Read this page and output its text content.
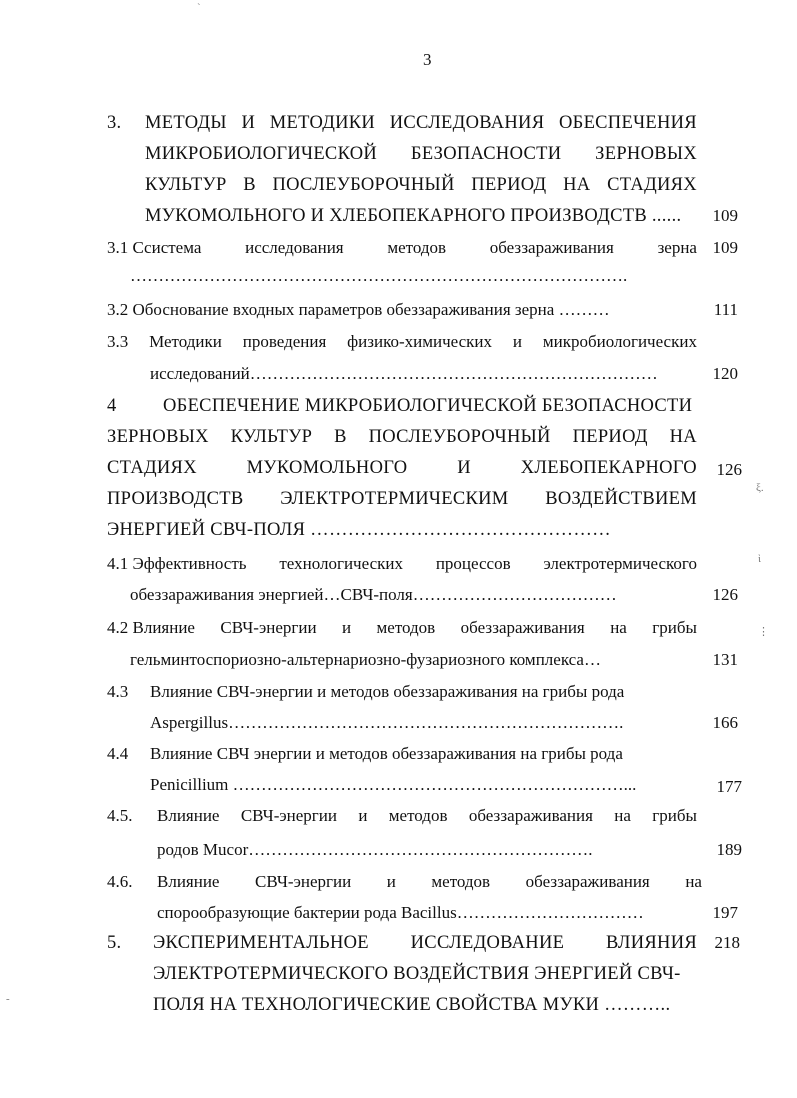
3
3. МЕТОДЫ И МЕТОДИКИ ИССЛЕДОВАНИЯ ОБЕСПЕЧЕНИЯ
МИКРОБИОЛОГИЧЕСКОЙ БЕЗОПАСНОСТИ ЗЕРНОВЫХ
КУЛЬТУР В ПОСЛЕУБОРОЧНЫЙ ПЕРИОД НА СТАДИЯХ
МУКОМОЛЬНОГО И ХЛЕБОПЕКАРНОГО ПРОИЗВОДСТВ ......	109
3.1 Ссистема	исследования	методов	обеззараживания	зерна 109
…………………………………………………………………………….
3.2 Обоснование входных параметров обеззараживания зерна ………	111
3.3 Методики проведения физико-химических и микробиологических
исследований………………………………………………………………	120
4	ОБЕСПЕЧЕНИЕ МИКРОБИОЛОГИЧЕСКОЙ БЕЗОПАСНОСТИ
ЗЕРНОВЫХ КУЛЬТУР В ПОСЛЕУБОРОЧНЫЙ ПЕРИОД НА
СТАДИЯХ	МУКОМОЛЬНОГО	И	ХЛЕБОПЕКАРНОГО	126
ПРОИЗВОДСТВ ЭЛЕКТРОТЕРМИЧЕСКИМ ВОЗДЕЙСТВИЕМ
ЭНЕРГИЕЙ СВЧ-ПОЛЯ …………………………………………
4.1 Эффективность технологических процессов электротермического
обеззараживания энергией…СВЧ-поля………………………………	126
4.2 Влияние СВЧ-энергии и методов обеззараживания на грибы
гельминтоспориозно-альтернариозно-фузариозного комплекса…	131
4.3 Влияние СВЧ-энергии и методов обеззараживания на грибы рода
Aspergillus…………………………………………………………….	166
4.4 Влияние СВЧ энергии и методов обеззараживания на грибы рода
Penicillium ……………………………………………………………...	177
4.5. Влияние СВЧ-энергии и методов обеззараживания на грибы
родов Mucor…………………………………………………….	189
4.6. Влияние СВЧ-энергии и методов обеззараживания на
спорообразующие бактерии рода Bacillus……………………………	197
5. ЭКСПЕРИМЕНТАЛЬНОЕ ИССЛЕДОВАНИЕ ВЛИЯНИЯ	218
ЭЛЕКТРОТЕРМИЧЕСКОГО ВОЗДЕЙСТВИЯ ЭНЕРГИЕЙ СВЧ-
ПОЛЯ НА ТЕХНОЛОГИЧЕСКИЕ СВОЙСТВА МУКИ ………..
`
ξ.
ὶ
⋮
-
